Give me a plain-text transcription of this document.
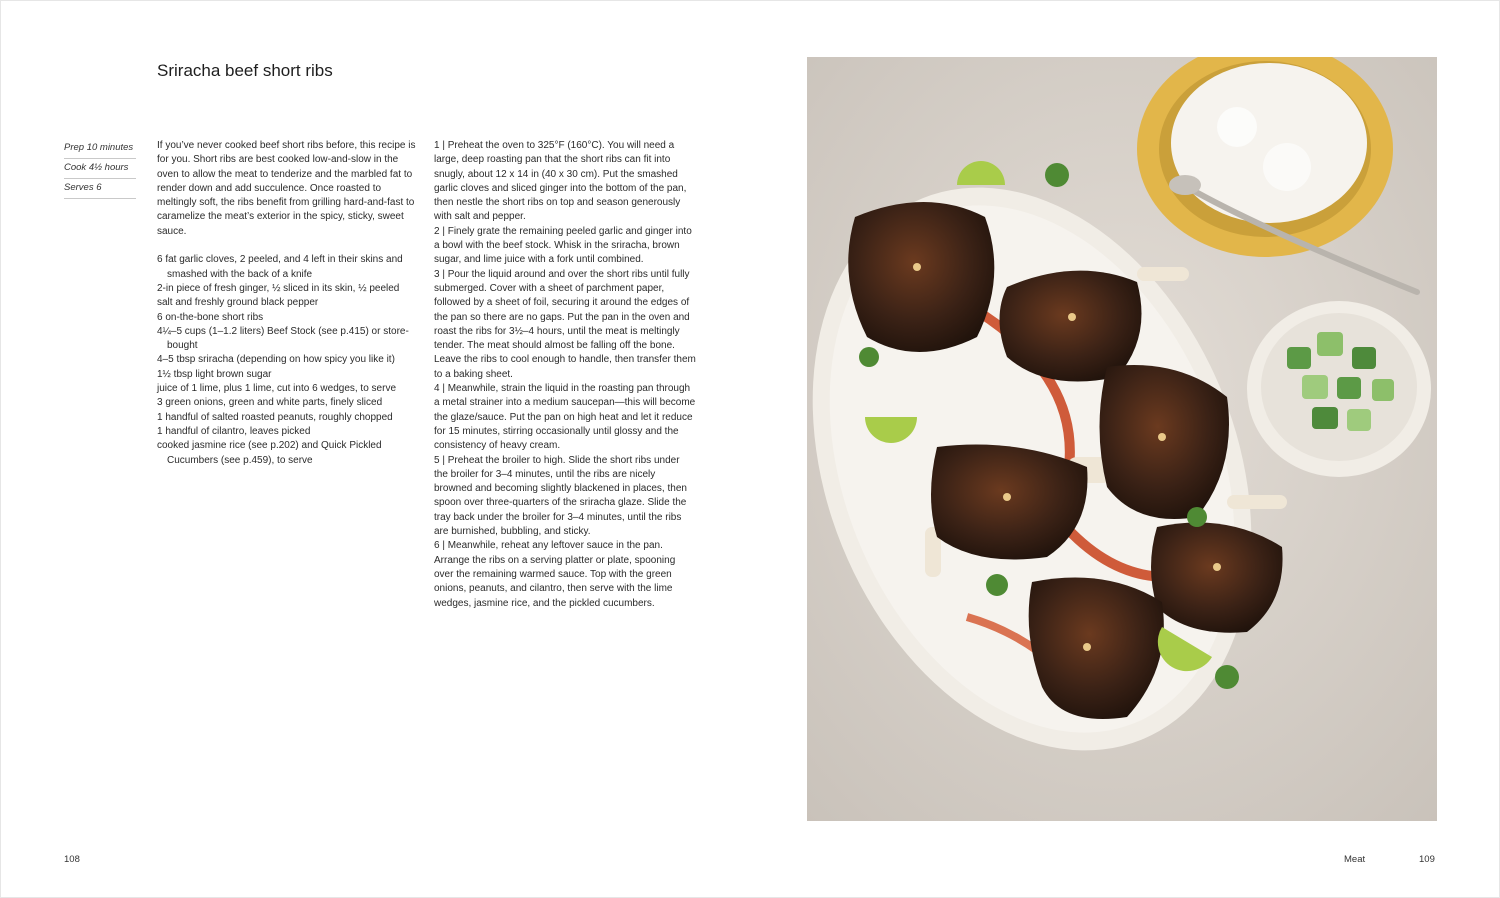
Sriracha beef short ribs
Prep 10 minutes
Cook 4½ hours
Serves 6

If you’ve never cooked beef short ribs before, this recipe is for you. Short ribs are best cooked low-and-slow in the oven to allow the meat to tenderize and the marbled fat to render down and add succulence. Once roasted to meltingly soft, the ribs benefit from grilling hard-and-fast to caramelize the meat’s exterior in the spicy, sticky, sweet sauce.

6 fat garlic cloves, 2 peeled, and 4 left in their skins and smashed with the back of a knife
2-in piece of fresh ginger, ½ sliced in its skin, ½ peeled
salt and freshly ground black pepper
6 on-the-bone short ribs
4¼–5 cups (1–1.2 liters) Beef Stock (see p.415) or store-bought
4–5 tbsp sriracha (depending on how spicy you like it)
1½ tbsp light brown sugar
juice of 1 lime, plus 1 lime, cut into 6 wedges, to serve
3 green onions, green and white parts, finely sliced
1 handful of salted roasted peanuts, roughly chopped
1 handful of cilantro, leaves picked
cooked jasmine rice (see p.202) and Quick Pickled Cucumbers (see p.459), to serve

1 | Preheat the oven to 325°F (160°C). You will need a large, deep roasting pan that the short ribs can fit into snugly, about 12 x 14 in (40 x 30 cm). Put the smashed garlic cloves and sliced ginger into the bottom of the pan, then nestle the short ribs on top and season generously with salt and pepper.

2 | Finely grate the remaining peeled garlic and ginger into a bowl with the beef stock. Whisk in the sriracha, brown sugar, and lime juice with a fork until combined.

3 | Pour the liquid around and over the short ribs until fully submerged. Cover with a sheet of parchment paper, followed by a sheet of foil, securing it around the edges of the pan so there are no gaps. Put the pan in the oven and roast the ribs for 3½–4 hours, until the meat is meltingly tender. The meat should almost be falling off the bone. Leave the ribs to cool enough to handle, then transfer them to a baking sheet.

4 | Meanwhile, strain the liquid in the roasting pan through a metal strainer into a medium saucepan—this will become the glaze/sauce. Put the pan on high heat and let it reduce for 15 minutes, stirring occasionally until glossy and the consistency of heavy cream.

5 | Preheat the broiler to high. Slide the short ribs under the broiler for 3–4 minutes, until the ribs are nicely browned and becoming slightly blackened in places, then spoon over three-quarters of the sriracha glaze. Slide the tray back under the broiler for 3–4 minutes, until the ribs are burnished, bubbling, and sticky.

6 | Meanwhile, reheat any leftover sauce in the pan. Arrange the ribs on a serving platter or plate, spooning over the remaining warmed sauce. Top with the green onions, peanuts, and cilantro, then serve with the lime wedges, jasmine rice, and the pickled cucumbers.

108	Meat	109
